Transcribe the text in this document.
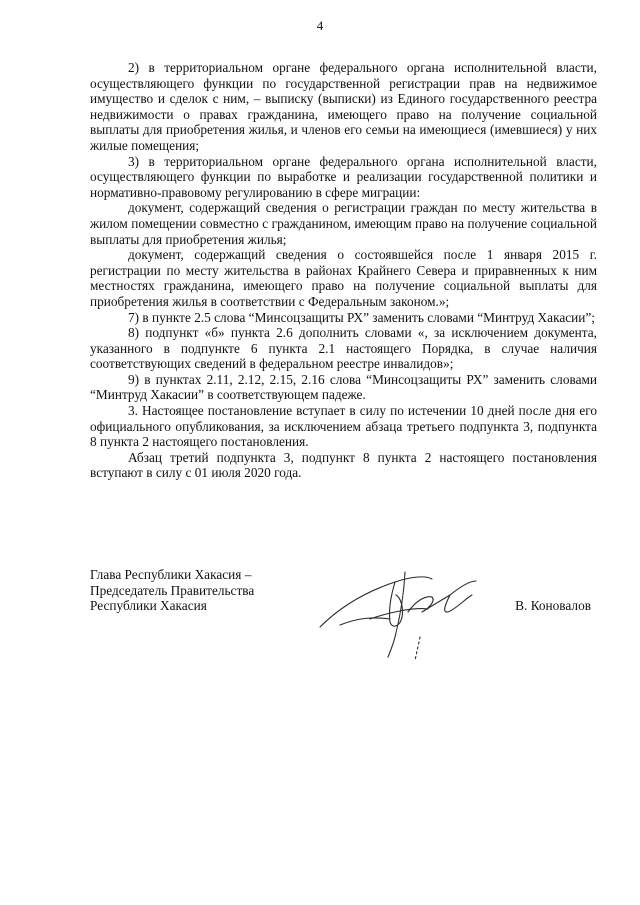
4

2) в территориальном органе федерального органа исполнительной власти, осуществляющего функции по государственной регистрации прав на недвижимое имущество и сделок с ним, – выписку (выписки) из Единого государственного реестра недвижимости о правах гражданина, имеющего право на получение социальной выплаты для приобретения жилья, и членов его семьи на имеющиеся (имевшиеся) у них жилые помещения;

3) в территориальном органе федерального органа исполнительной власти, осуществляющего функции по выработке и реализации государственной политики и нормативно-правовому регулированию в сфере миграции:

документ, содержащий сведения о регистрации граждан по месту жительства в жилом помещении совместно с гражданином, имеющим право на получение социальной выплаты для приобретения жилья;

документ, содержащий сведения о состоявшейся после 1 января 2015 г. регистрации по месту жительства в районах Крайнего Севера и приравненных к ним местностях гражданина, имеющего право на получение социальной выплаты для приобретения жилья в соответствии с Федеральным законом.»;

7) в пункте 2.5 слова “Минсоцзащиты РХ” заменить словами “Минтруд Хакасии”;

8) подпункт «б» пункта 2.6 дополнить словами «, за исключением документа, указанного в подпункте 6 пункта 2.1 настоящего Порядка, в случае наличия соответствующих сведений в федеральном реестре инвалидов»;

9) в пунктах 2.11, 2.12, 2.15, 2.16 слова “Минсоцзащиты РХ” заменить словами “Минтруд Хакасии” в соответствующем падеже.

3. Настоящее постановление вступает в силу по истечении 10 дней после дня его официального опубликования, за исключением абзаца третьего подпункта 3, подпункта 8 пункта 2 настоящего постановления.

Абзац третий подпункта 3, подпункт 8 пункта 2 настоящего постановления вступают в силу с 01 июля 2020 года.

Глава Республики Хакасия –
Председатель Правительства
Республики Хакасия	В. Коновалов
